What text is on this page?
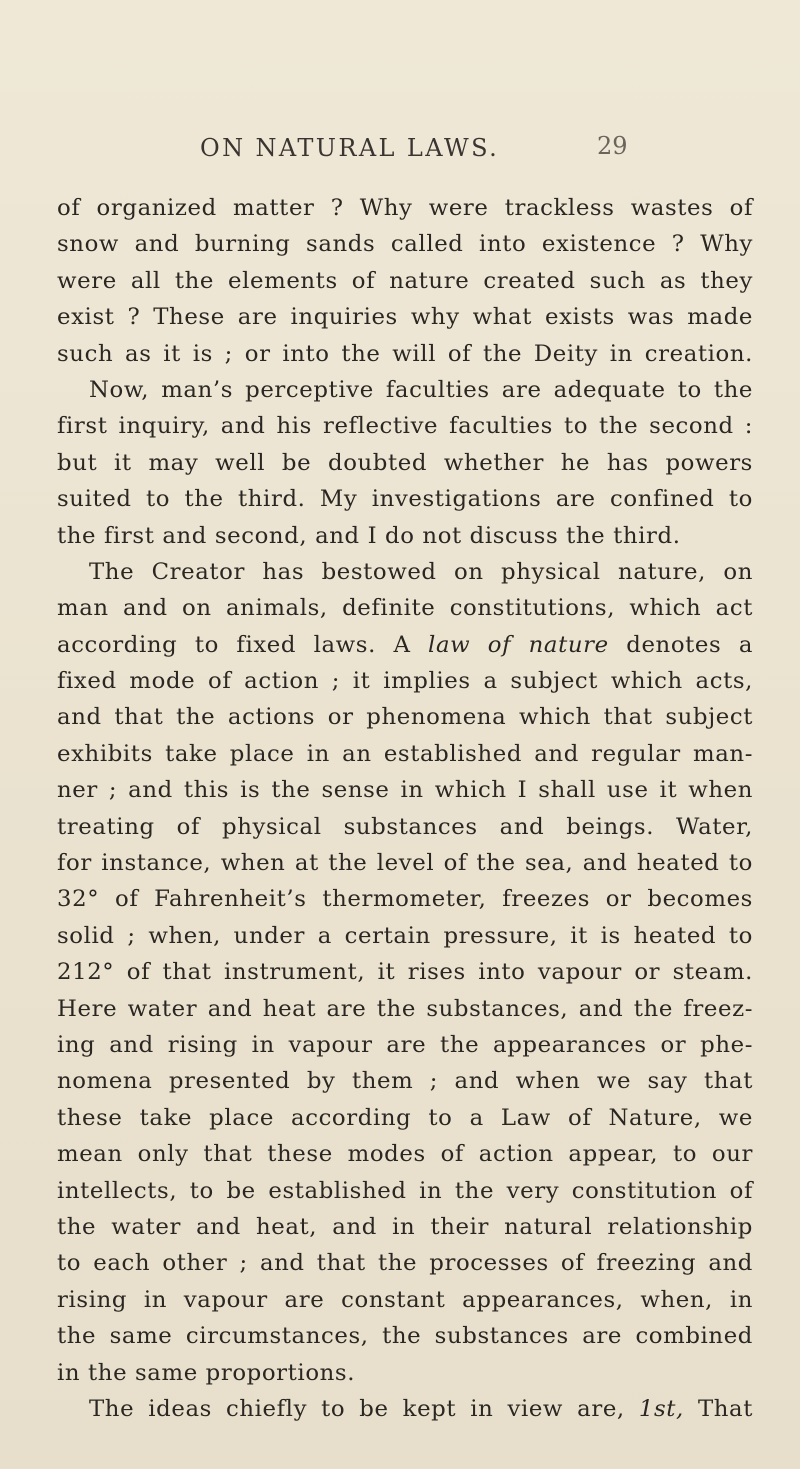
ON NATURAL LAWS.	29
of organized matter ? Why were trackless wastes of
snow and burning sands called into existence ? Why
were all the elements of nature created such as they
exist ? These are inquiries why what exists was made
such as it is ; or into the will of the Deity in creation.
Now, man’s perceptive faculties are adequate to the
first inquiry, and his reflective faculties to the second :
but it may well be doubted whether he has powers
suited to the third. My investigations are confined to
the first and second, and I do not discuss the third.
The Creator has bestowed on physical nature, on
man and on animals, definite constitutions, which act
according to fixed laws. A law of nature denotes a
fixed mode of action ; it implies a subject which acts,
and that the actions or phenomena which that subject
exhibits take place in an established and regular man-
ner ; and this is the sense in which I shall use it when
treating of physical substances and beings. Water,
for instance, when at the level of the sea, and heated to
32° of Fahrenheit’s thermometer, freezes or becomes
solid ; when, under a certain pressure, it is heated to
212° of that instrument, it rises into vapour or steam.
Here water and heat are the substances, and the freez-
ing and rising in vapour are the appearances or phe-
nomena presented by them ; and when we say that
these take place according to a Law of Nature, we
mean only that these modes of action appear, to our
intellects, to be established in the very constitution of
the water and heat, and in their natural relationship
to each other ; and that the processes of freezing and
rising in vapour are constant appearances, when, in
the same circumstances, the substances are combined
in the same proportions.
The ideas chiefly to be kept in view are, 1st, That
